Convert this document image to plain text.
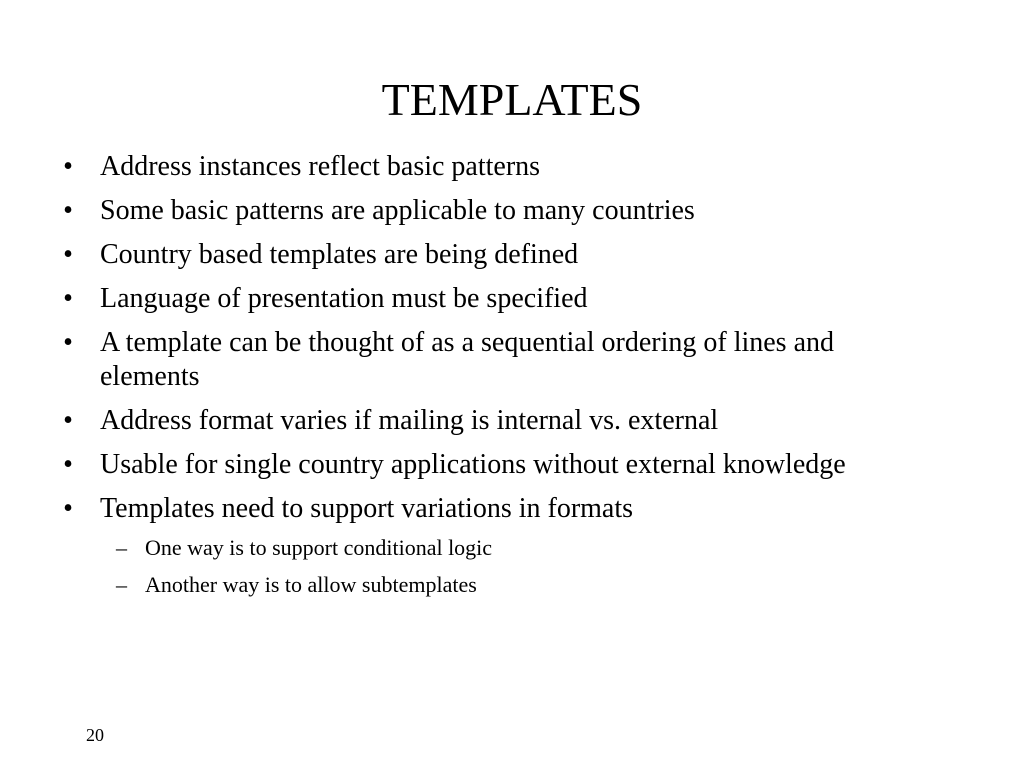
TEMPLATES
• Address instances reflect basic patterns
• Some basic patterns are applicable to many countries
• Country based templates are being defined
• Language of presentation must be specified
• A template can be thought of as a sequential ordering of lines and elements
• Address format varies if mailing is internal vs. external
• Usable for single country applications without external knowledge
• Templates need to support variations in formats
– One way is to support conditional logic
– Another way is to allow subtemplates
20
